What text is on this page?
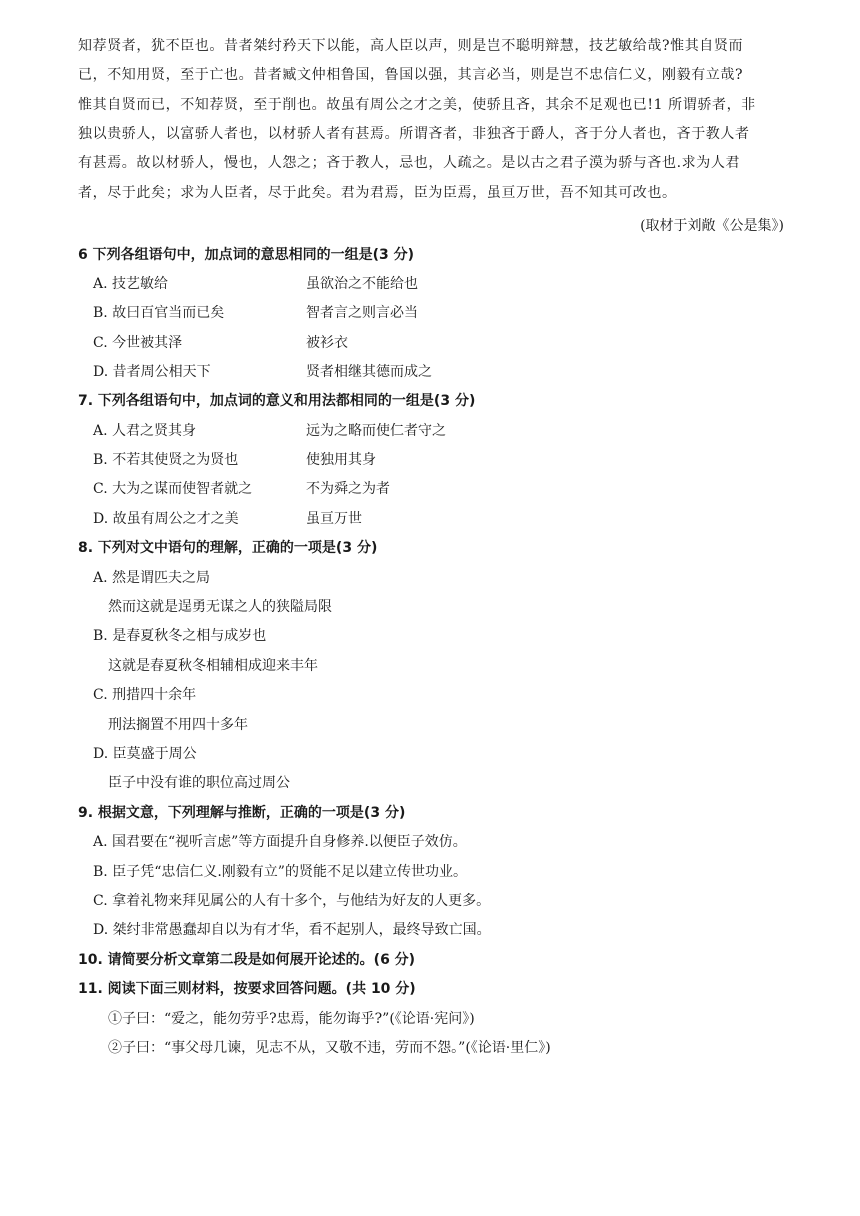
知荐贤者，犹不臣也。昔者桀纣矜天下以能，高人臣以声，则是岂不聪明辩慧，技艺敏给哉?惟其自贤而

已，不知用贤，至于亡也。昔者臧文仲相鲁国，鲁国以强，其言必当，则是岂不忠信仁义，刚毅有立哉?

惟其自贤而已，不知荐贤，至于削也。故虽有周公之才之美，使骄且吝，其余不足观也已!1 所谓骄者，非

独以贵骄人，以富骄人者也，以材骄人者有甚焉。所谓吝者，非独吝于爵人，吝于分人者也，吝于教人者

有甚焉。故以材骄人，慢也，人怨之；吝于教人，忌也，人疏之。是以古之君子漠为骄与吝也.求为人君

者，尽于此矣；求为人臣者，尽于此矣。君为君焉，臣为臣焉，虽亘万世，吾不知其可改也。

(取材于刘敞《公是集》)
6 下列各组语句中，加点词的意思相同的一组是(3 分)
A. 技艺敏给	虽欲治之不能给也
B. 故曰百官当而已矣	智者言之则言必当
C. 今世被其泽	被衫衣
D. 昔者周公相天下	贤者相继其德而成之
7. 下列各组语句中，加点词的意义和用法都相同的一组是(3 分)
A. 人君之贤其身	远为之略而使仁者守之
B. 不若其使贤之为贤也	使独用其身
C. 大为之谋而使智者就之	不为舜之为者
D. 故虽有周公之才之美	虽亘万世
8. 下列对文中语句的理解，正确的一项是(3 分)
A. 然是谓匹夫之局
然而这就是逞勇无谋之人的狭隘局限
B. 是春夏秋冬之相与成岁也
这就是春夏秋冬相辅相成迎来丰年
C. 刑措四十余年
刑法搁置不用四十多年
D. 臣莫盛于周公
臣子中没有谁的职位高过周公
9. 根据文意，下列理解与推断，正确的一项是(3 分)
A. 国君要在“视听言虑”等方面提升自身修养.以便臣子效仿。
B. 臣子凭“忠信仁义.刚毅有立”的贤能不足以建立传世功业。
C. 拿着礼物来拜见属公的人有十多个，与他结为好友的人更多。
D. 桀纣非常愚蠢却自以为有才华，看不起别人，最终导致亡国。
10. 请简要分析文章第二段是如何展开论述的。(6 分)
11. 阅读下面三则材料，按要求回答问题。(共 10 分)
①子曰：“爱之，能勿劳乎?忠焉，能勿诲乎?”(《论语·宪问》)
②子曰：“事父母几谏，见志不从，又敬不违，劳而不怨。”(《论语·里仁》)
